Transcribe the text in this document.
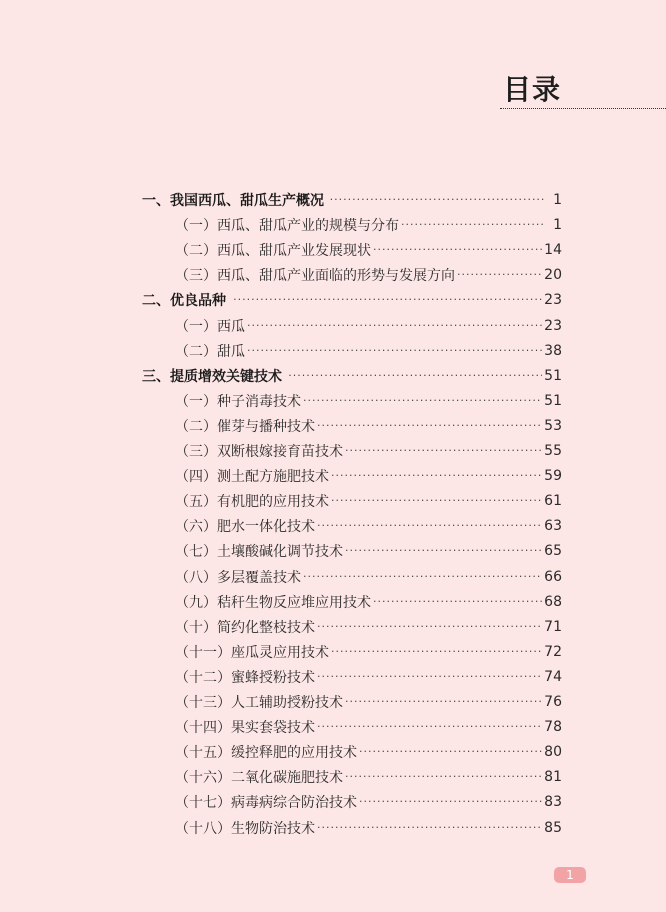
目录
一、我国西瓜、甜瓜生产概况 ·····	1
（一）西瓜、甜瓜产业的规模与分布 ·····	1
（二）西瓜、甜瓜产业发展现状 ·····	14
（三）西瓜、甜瓜产业面临的形势与发展方向 ·····	20
二、优良品种 ·····	23
（一）西瓜 ·····	23
（二）甜瓜 ·····	38
三、提质增效关键技术 ·····	51
（一）种子消毒技术 ·····	51
（二）催芽与播种技术 ·····	53
（三）双断根嫁接育苗技术 ·····	55
（四）测土配方施肥技术 ·····	59
（五）有机肥的应用技术 ·····	61
（六）肥水一体化技术 ·····	63
（七）土壤酸碱化调节技术 ·····	65
（八）多层覆盖技术 ·····	66
（九）秸秆生物反应堆应用技术 ·····	68
（十）简约化整枝技术 ·····	71
（十一）座瓜灵应用技术 ·····	72
（十二）蜜蜂授粉技术 ·····	74
（十三）人工辅助授粉技术 ·····	76
（十四）果实套袋技术 ·····	78
（十五）缓控释肥的应用技术 ·····	80
（十六）二氧化碳施肥技术 ·····	81
（十七）病毒病综合防治技术 ·····	83
（十八）生物防治技术 ·····	85
1
